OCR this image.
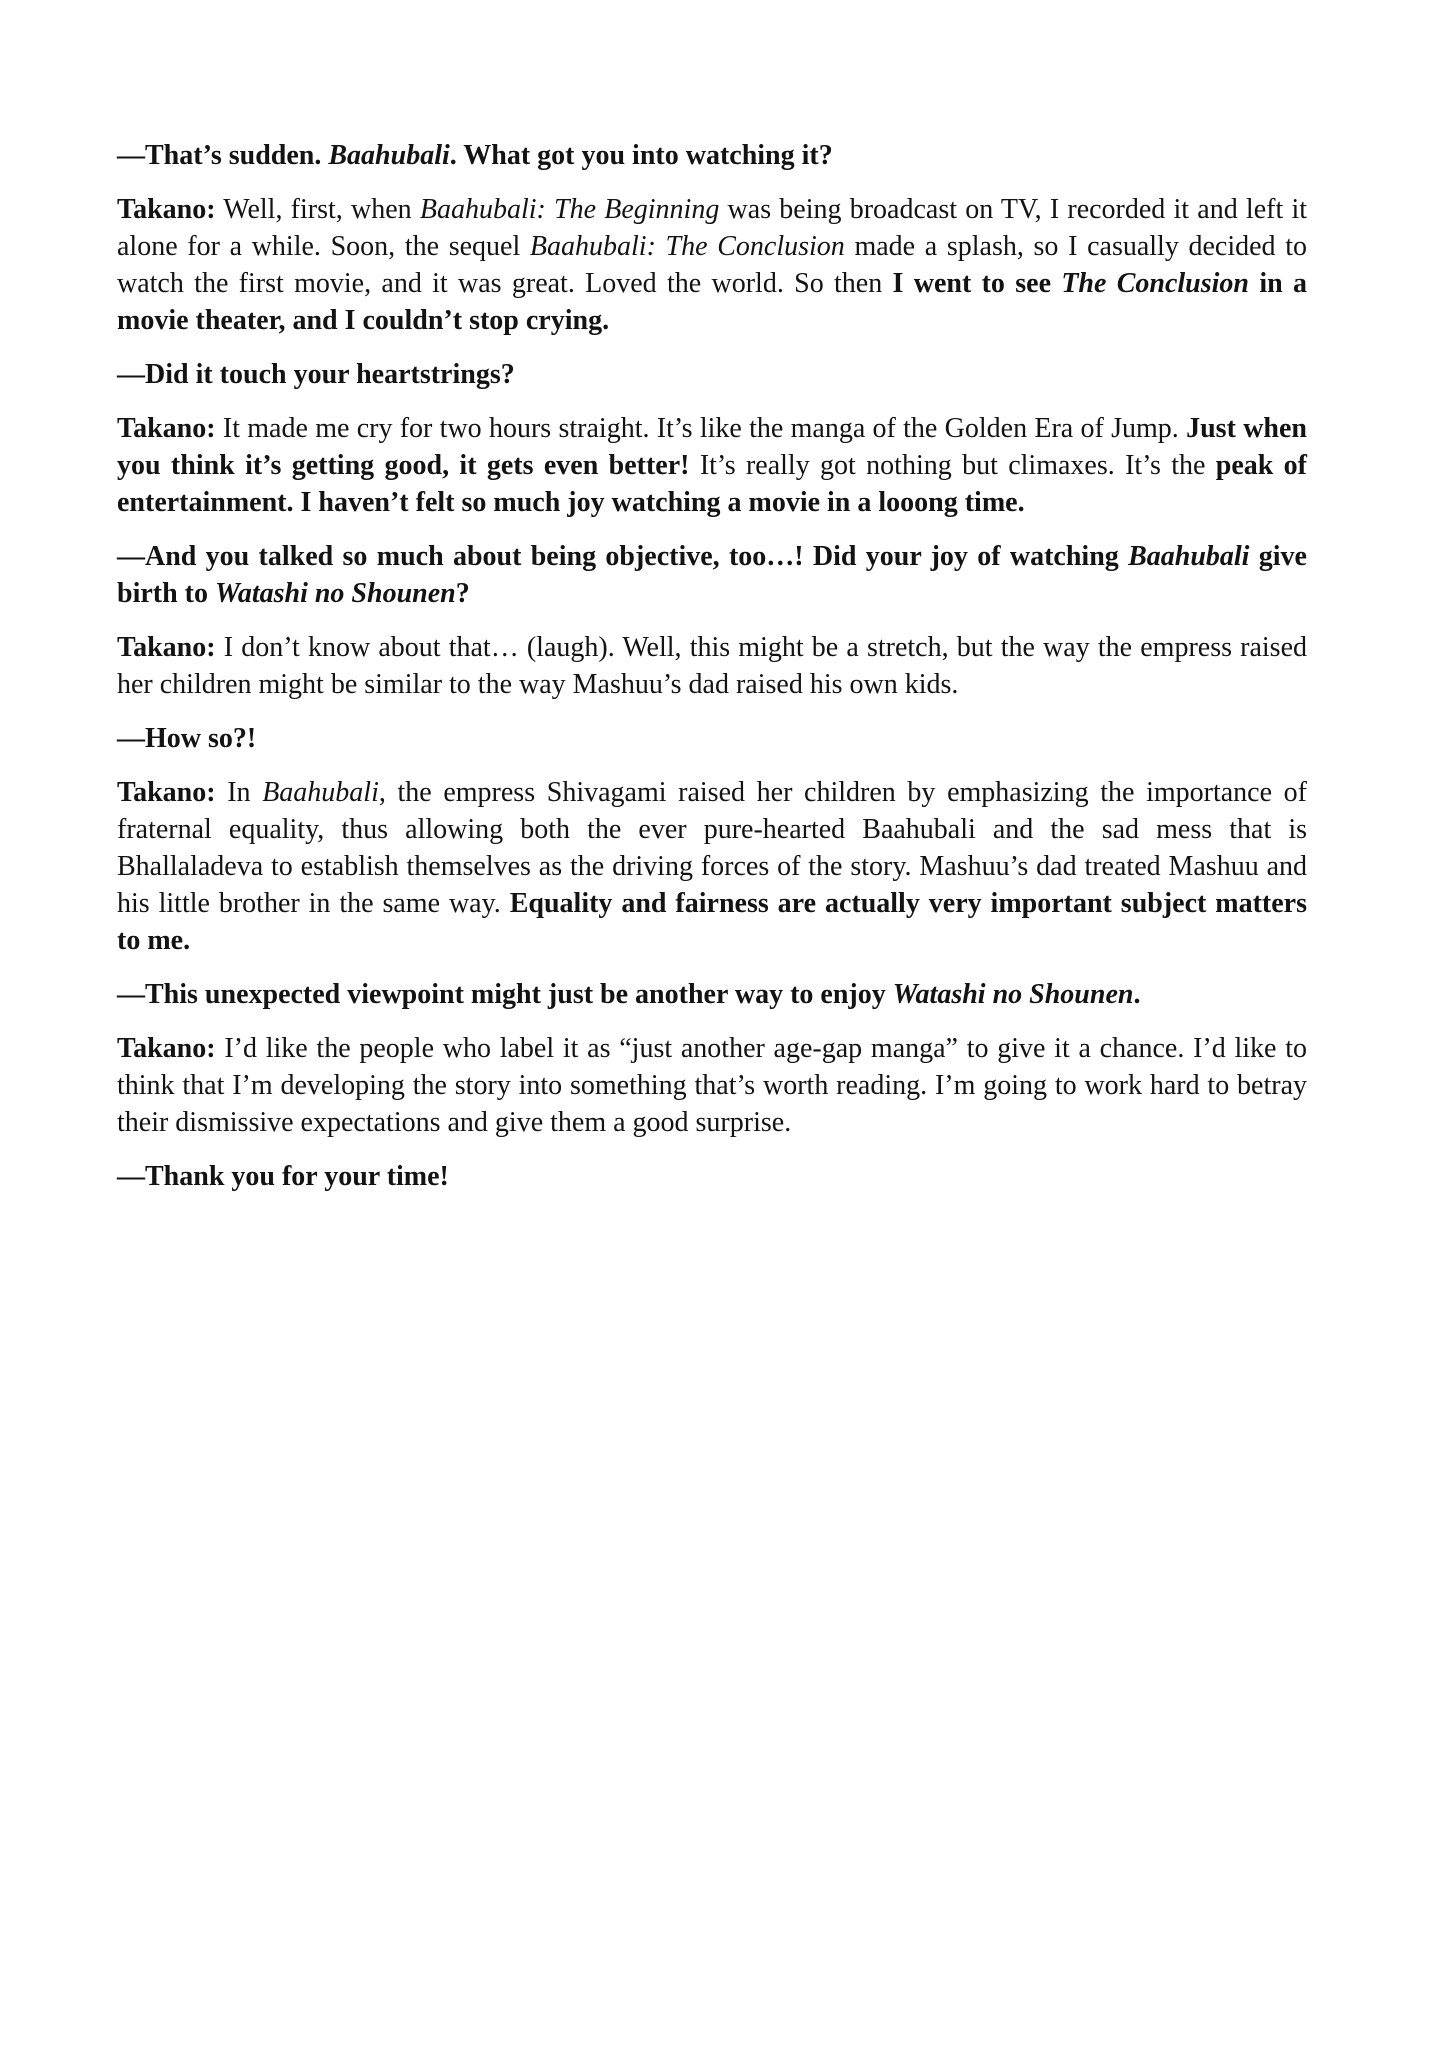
—That’s sudden. Baahubali. What got you into watching it?

Takano: Well, first, when Baahubali: The Beginning was being broadcast on TV, I recorded it and left it alone for a while. Soon, the sequel Baahubali: The Conclusion made a splash, so I casually decided to watch the first movie, and it was great. Loved the world. So then I went to see The Conclusion in a movie theater, and I couldn’t stop crying.

—Did it touch your heartstrings?

Takano: It made me cry for two hours straight. It’s like the manga of the Golden Era of Jump. Just when you think it’s getting good, it gets even better! It’s really got nothing but climaxes. It’s the peak of entertainment. I haven’t felt so much joy watching a movie in a looong time.

—And you talked so much about being objective, too…! Did your joy of watching Baahubali give birth to Watashi no Shounen?

Takano: I don’t know about that… (laugh). Well, this might be a stretch, but the way the empress raised her children might be similar to the way Mashuu’s dad raised his own kids.

—How so?!

Takano: In Baahubali, the empress Shivagami raised her children by emphasizing the importance of fraternal equality, thus allowing both the ever pure-hearted Baahubali and the sad mess that is Bhallaladeva to establish themselves as the driving forces of the story. Mashuu’s dad treated Mashuu and his little brother in the same way. Equality and fairness are actually very important subject matters to me.

—This unexpected viewpoint might just be another way to enjoy Watashi no Shounen.

Takano: I’d like the people who label it as “just another age-gap manga” to give it a chance. I’d like to think that I’m developing the story into something that’s worth reading. I’m going to work hard to betray their dismissive expectations and give them a good surprise.

—Thank you for your time!
